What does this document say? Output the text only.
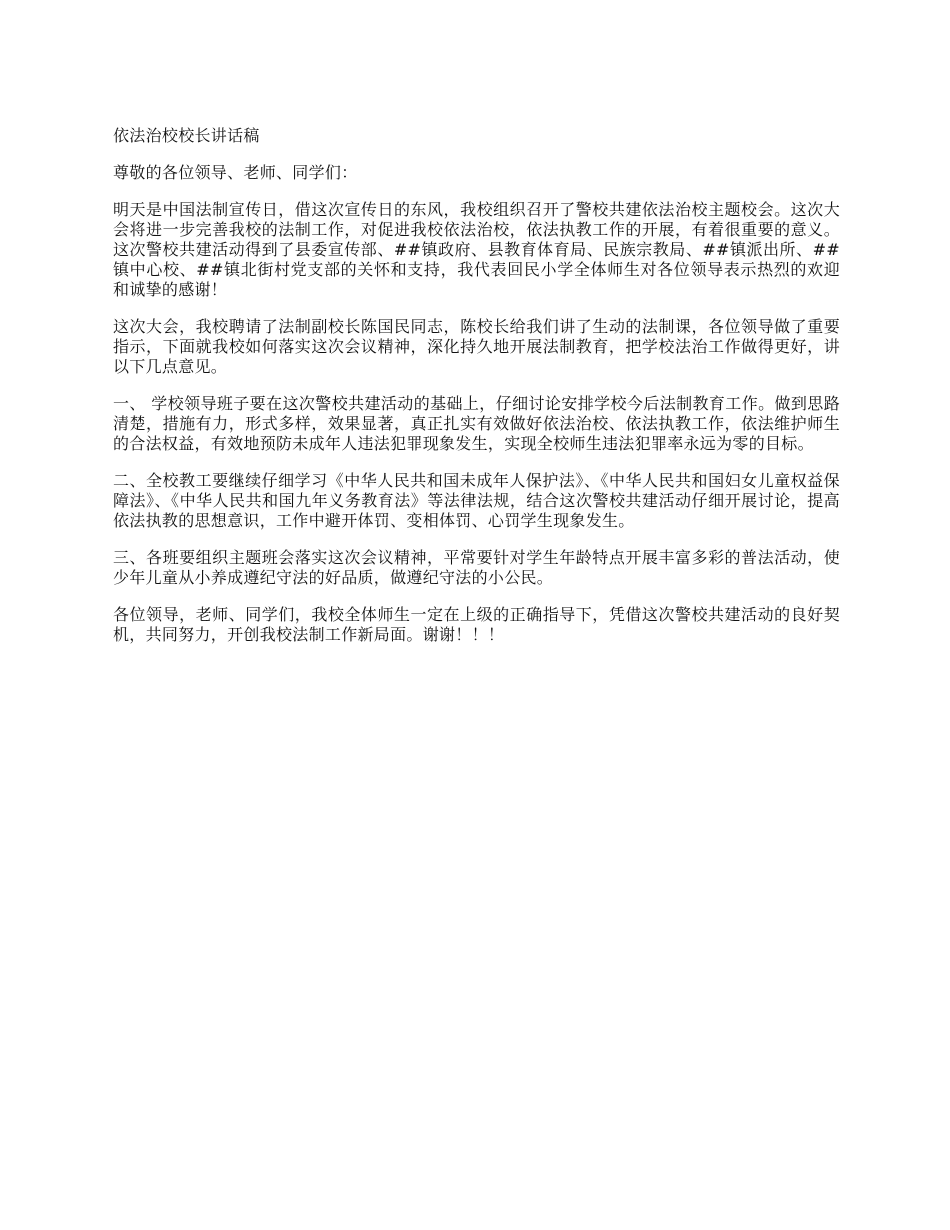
依法治校校长讲话稿
尊敬的各位领导、老师、同学们：
明天是中国法制宣传日，借这次宣传日的东风，我校组织召开了警校共建依法治校主题校会。这次大会将进一步完善我校的法制工作，对促进我校依法治校，依法执教工作的开展，有着很重要的意义。这次警校共建活动得到了县委宣传部、##镇政府、县教育体育局、民族宗教局、##镇派出所、##镇中心校、##镇北街村党支部的关怀和支持，我代表回民小学全体师生对各位领导表示热烈的欢迎和诚挚的感谢！
这次大会，我校聘请了法制副校长陈国民同志，陈校长给我们讲了生动的法制课，各位领导做了重要指示，下面就我校如何落实这次会议精神，深化持久地开展法制教育，把学校法治工作做得更好，讲以下几点意见。
一、 学校领导班子要在这次警校共建活动的基础上，仔细讨论安排学校今后法制教育工作。做到思路清楚，措施有力，形式多样，效果显著，真正扎实有效做好依法治校、依法执教工作，依法维护师生的合法权益，有效地预防未成年人违法犯罪现象发生，实现全校师生违法犯罪率永远为零的目标。
二、全校教工要继续仔细学习《中华人民共和国未成年人保护法》、《中华人民共和国妇女儿童权益保障法》、《中华人民共和国九年义务教育法》等法律法规，结合这次警校共建活动仔细开展讨论，提高依法执教的思想意识，工作中避开体罚、变相体罚、心罚学生现象发生。
三、各班要组织主题班会落实这次会议精神，平常要针对学生年龄特点开展丰富多彩的普法活动，使少年儿童从小养成遵纪守法的好品质，做遵纪守法的小公民。
各位领导，老师、同学们，我校全体师生一定在上级的正确指导下，凭借这次警校共建活动的良好契机，共同努力，开创我校法制工作新局面。谢谢！！！
